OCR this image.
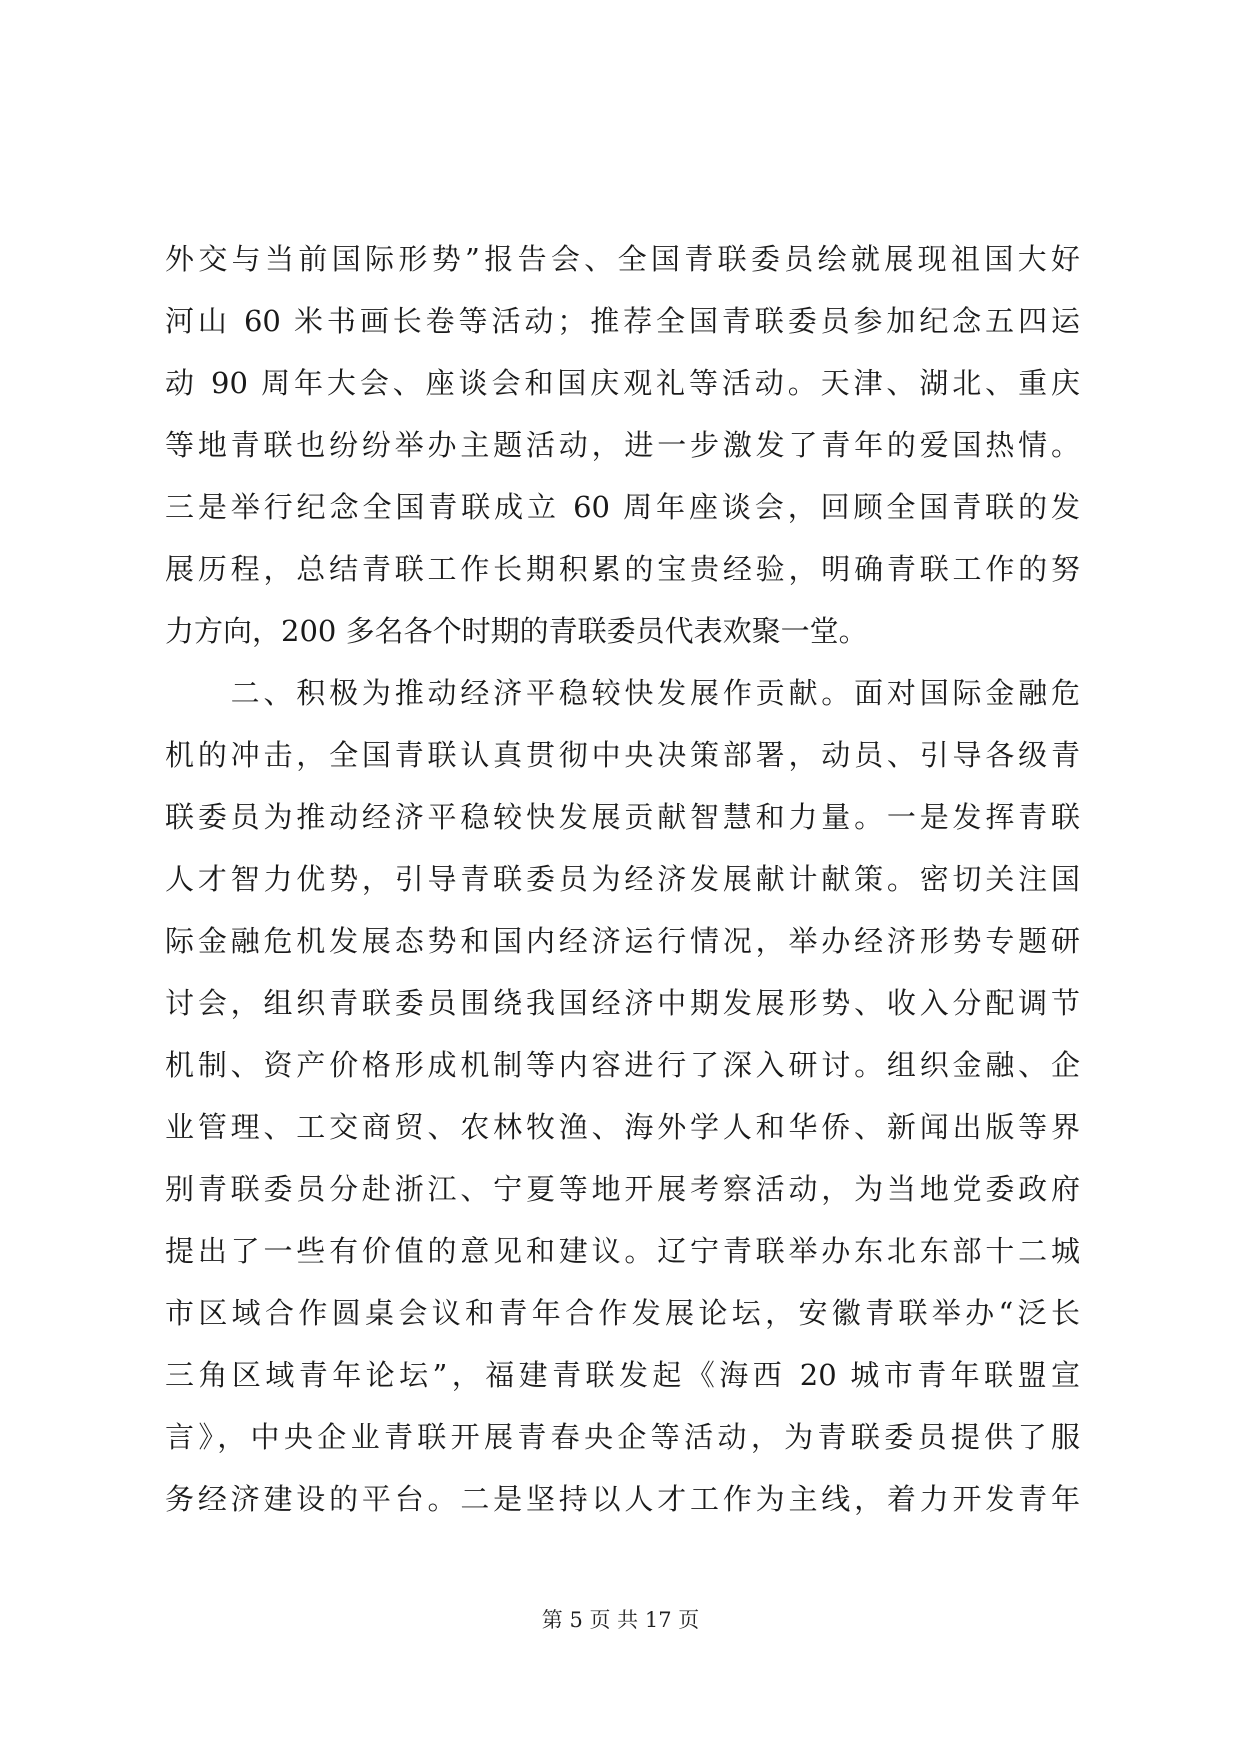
外交与当前国际形势”报告会、全国青联委员绘就展现祖国大好
河山 60 米书画长卷等活动；推荐全国青联委员参加纪念五四运
动 90 周年大会、座谈会和国庆观礼等活动。天津、湖北、重庆
等地青联也纷纷举办主题活动，进一步激发了青年的爱国热情。
三是举行纪念全国青联成立 60 周年座谈会，回顾全国青联的发
展历程，总结青联工作长期积累的宝贵经验，明确青联工作的努
力方向，200 多名各个时期的青联委员代表欢聚一堂。
　　二、积极为推动经济平稳较快发展作贡献。面对国际金融危
机的冲击，全国青联认真贯彻中央决策部署，动员、引导各级青
联委员为推动经济平稳较快发展贡献智慧和力量。一是发挥青联
人才智力优势，引导青联委员为经济发展献计献策。密切关注国
际金融危机发展态势和国内经济运行情况，举办经济形势专题研
讨会，组织青联委员围绕我国经济中期发展形势、收入分配调节
机制、资产价格形成机制等内容进行了深入研讨。组织金融、企
业管理、工交商贸、农林牧渔、海外学人和华侨、新闻出版等界
别青联委员分赴浙江、宁夏等地开展考察活动，为当地党委政府
提出了一些有价值的意见和建议。辽宁青联举办东北东部十二城
市区域合作圆桌会议和青年合作发展论坛，安徽青联举办“泛长
三角区域青年论坛”，福建青联发起《海西 20 城市青年联盟宣
言》，中央企业青联开展青春央企等活动，为青联委员提供了服
务经济建设的平台。二是坚持以人才工作为主线，着力开发青年
第 5 页 共 17 页
